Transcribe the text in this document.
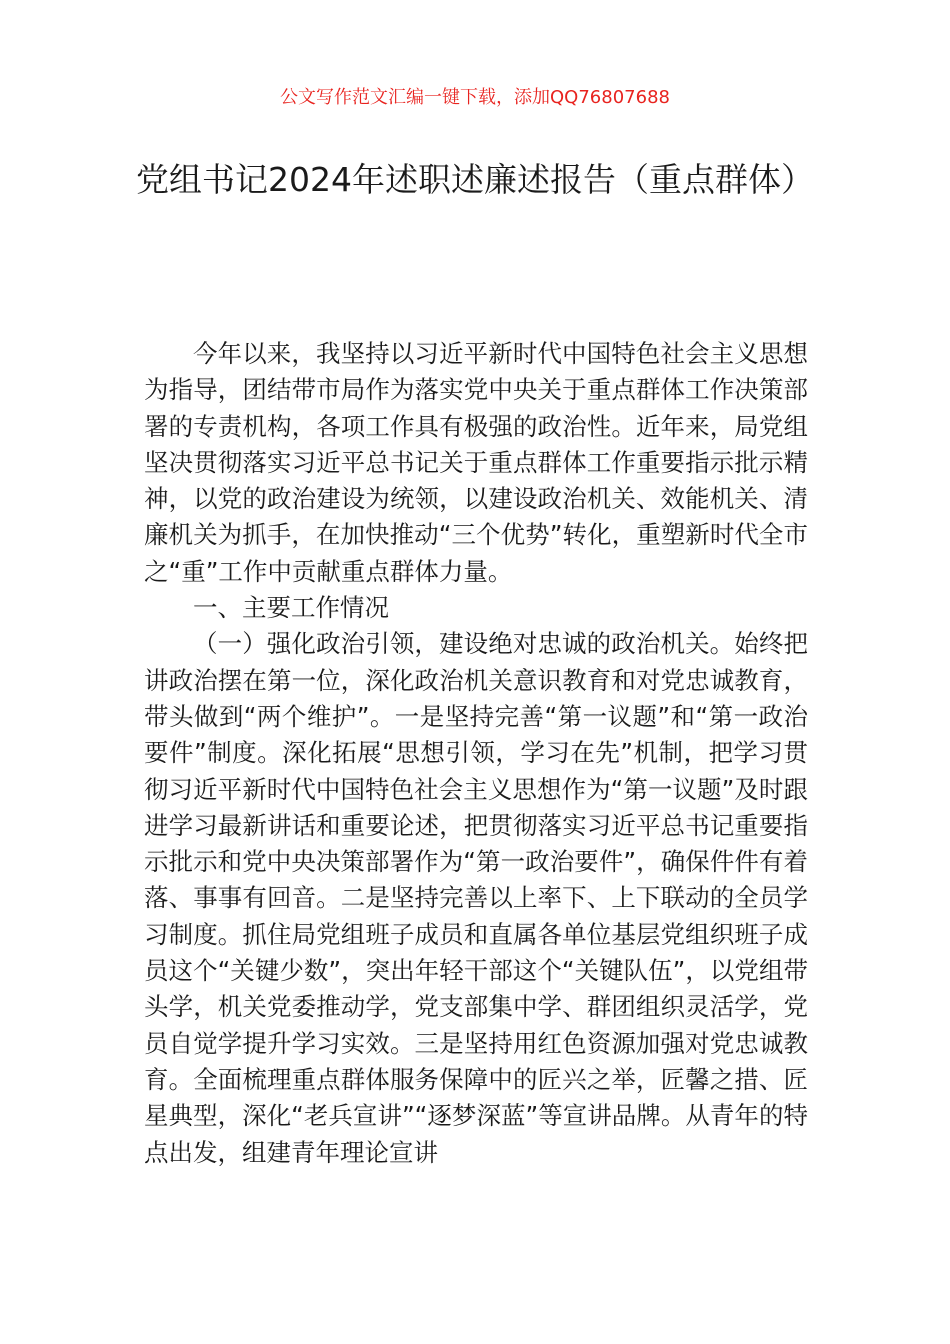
公文写作范文汇编一键下载，添加QQ76807688
党组书记2024年述职述廉述报告（重点群体）

今年以来，我坚持以习近平新时代中国特色社会主义思想为指导，团结带市局作为落实党中央关于重点群体工作决策部署的专责机构，各项工作具有极强的政治性。近年来，局党组坚决贯彻落实习近平总书记关于重点群体工作重要指示批示精神，以党的政治建设为统领，以建设政治机关、效能机关、清廉机关为抓手，在加快推动“三个优势”转化，重塑新时代全市之“重”工作中贡献重点群体力量。

一、主要工作情况

（一）强化政治引领，建设绝对忠诚的政治机关。始终把讲政治摆在第一位，深化政治机关意识教育和对党忠诚教育，带头做到“两个维护”。一是坚持完善“第一议题”和“第一政治要件”制度。深化拓展“思想引领，学习在先”机制，把学习贯彻习近平新时代中国特色社会主义思想作为“第一议题”及时跟进学习最新讲话和重要论述，把贯彻落实习近平总书记重要指示批示和党中央决策部署作为“第一政治要件”，确保件件有着落、事事有回音。二是坚持完善以上率下、上下联动的全员学习制度。抓住局党组班子成员和直属各单位基层党组织班子成员这个“关键少数”，突出年轻干部这个“关键队伍”，以党组带头学，机关党委推动学，党支部集中学、群团组织灵活学，党员自觉学提升学习实效。三是坚持用红色资源加强对党忠诚教育。全面梳理重点群体服务保障中的匠兴之举，匠馨之措、匠星典型，深化“老兵宣讲”“逐梦深蓝”等宣讲品牌。从青年的特点出发，组建青年理论宣讲
